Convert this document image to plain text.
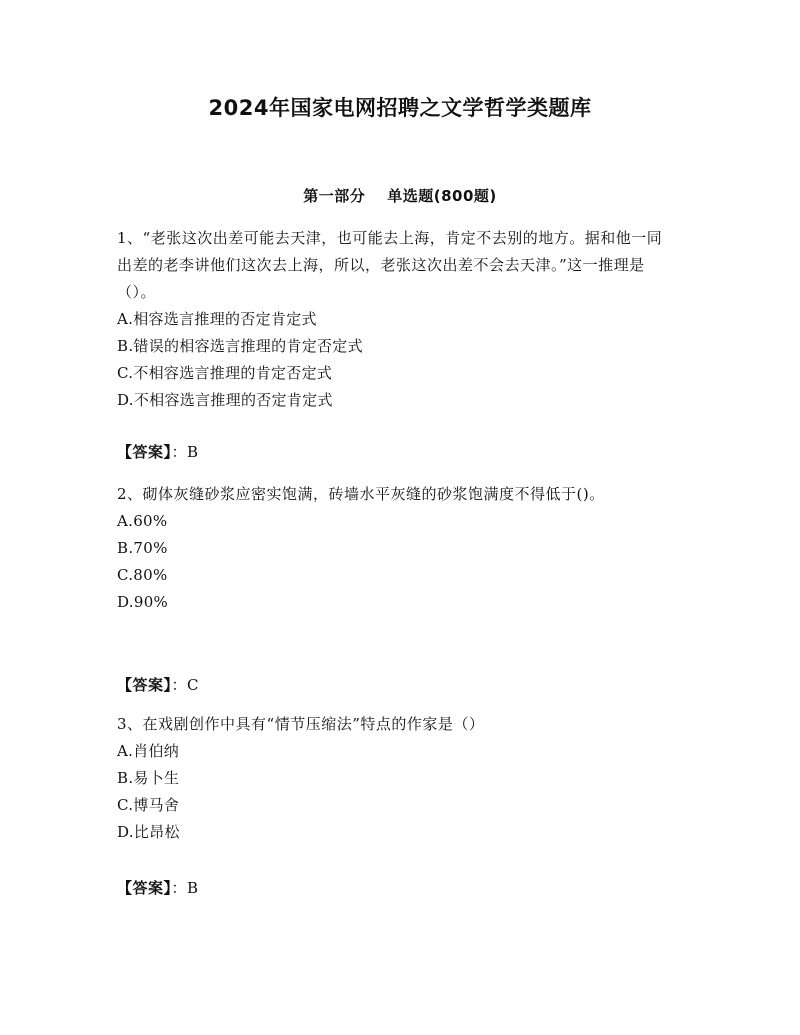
2024年国家电网招聘之文学哲学类题库
第一部分 单选题(800题)
1、“老张这次出差可能去天津，也可能去上海，肯定不去别的地方。据和他一同出差的老李讲他们这次去上海，所以，老张这次出差不会去天津。”这一推理是（）。
A.相容选言推理的否定肯定式
B.错误的相容选言推理的肯定否定式
C.不相容选言推理的肯定否定式
D.不相容选言推理的否定肯定式
【答案】：B
2、砌体灰缝砂浆应密实饱满，砖墙水平灰缝的砂浆饱满度不得低于()。
A.60%
B.70%
C.80%
D.90%
【答案】：C
3、在戏剧创作中具有“情节压缩法”特点的作家是（）
A.肖伯纳
B.易卜生
C.博马舍
D.比昂松
【答案】：B
